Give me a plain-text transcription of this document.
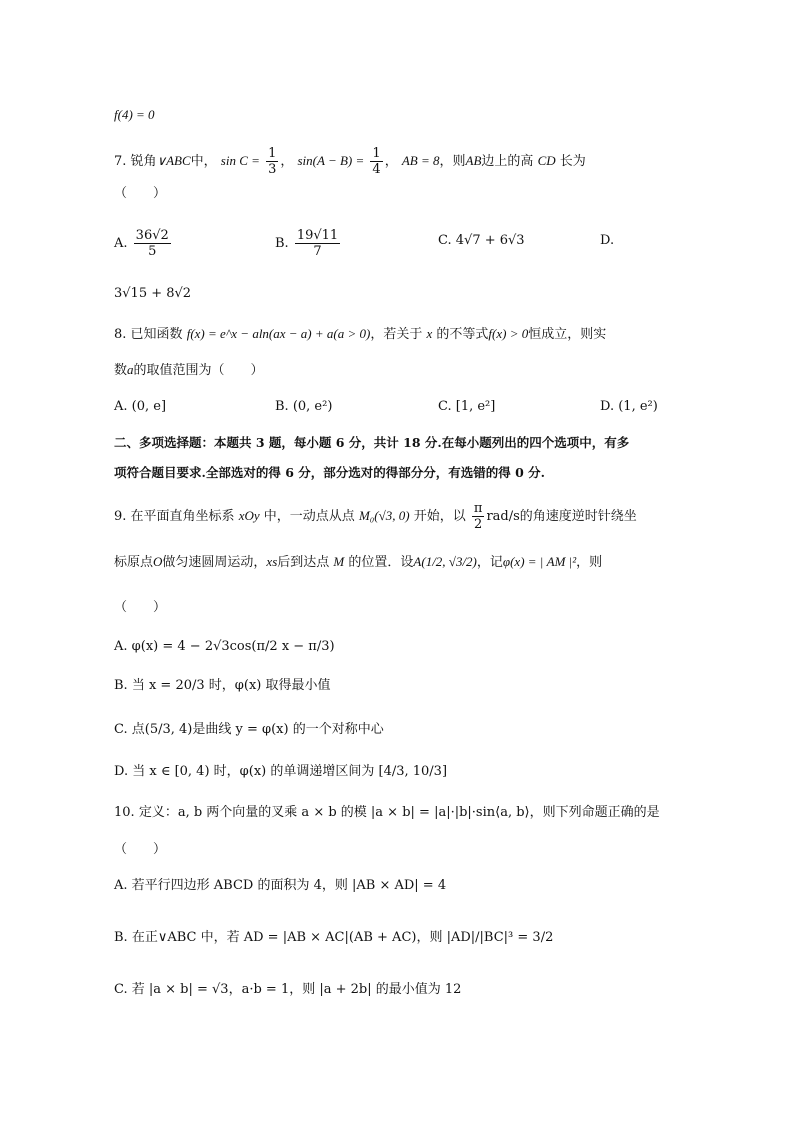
f(4) = 0
7. 锐角∨ABC中， $\sin C = \frac{1}{3}$ ， $\sin(A - B) = \frac{1}{4}$ ， AB = 8，则AB边上的高 CD 长为
（　　）
A. $\frac{36√2}{5}$	B. $\frac{19√11}{7}$	C. 4√7 + 6√3	D.
3√15 + 8√2
8. 已知函数 f(x) = e^x − aln(ax − a) + a(a > 0)，若关于 x 的不等式f(x) > 0恒成立，则实
数a的取值范围为（　　）
A. (0, e]	B. (0, e²)	C. [1, e²]	D. (1, e²)
二、多项选择题：本题共 3 题，每小题 6 分，共计 18 分.在每小题列出的四个选项中，有多
项符合题目要求.全部选对的得 6 分，部分选对的得部分分，有选错的得 0 分.
9. 在平面直角坐标系 xOy 中，一动点从点 M₀(√3, 0) 开始，以 $\frac{\pi}{2} rad/s$的角速度逆时针绕坐
标原点O做匀速圆周运动，xs后到达点 M 的位置．设A(1/2, √3/2)，记φ(x) = | AM |²，则
（　　）
A. φ(x) = 4 − 2√3cos(π/2 x − π/3)
B. 当 x = 20/3 时，φ(x) 取得最小值
C. 点(5/3, 4)是曲线 y = φ(x) 的一个对称中心
D. 当 x ∈ [0, 4) 时，φ(x) 的单调递增区间为 [4/3, 10/3]
10. 定义：a, b 两个向量的叉乘 a × b 的模 |a × b| = |a|·|b|·sin⟨a, b⟩，则下列命题正确的是
（　　）
A. 若平行四边形 ABCD 的面积为 4，则 |AB × AD| = 4
B. 在正∨ABC 中，若 AD = |AB × AC|(AB + AC)，则 |AD|/|BC|³ = 3/2
C. 若 |a × b| = √3，a·b = 1，则 |a + 2b| 的最小值为 12
